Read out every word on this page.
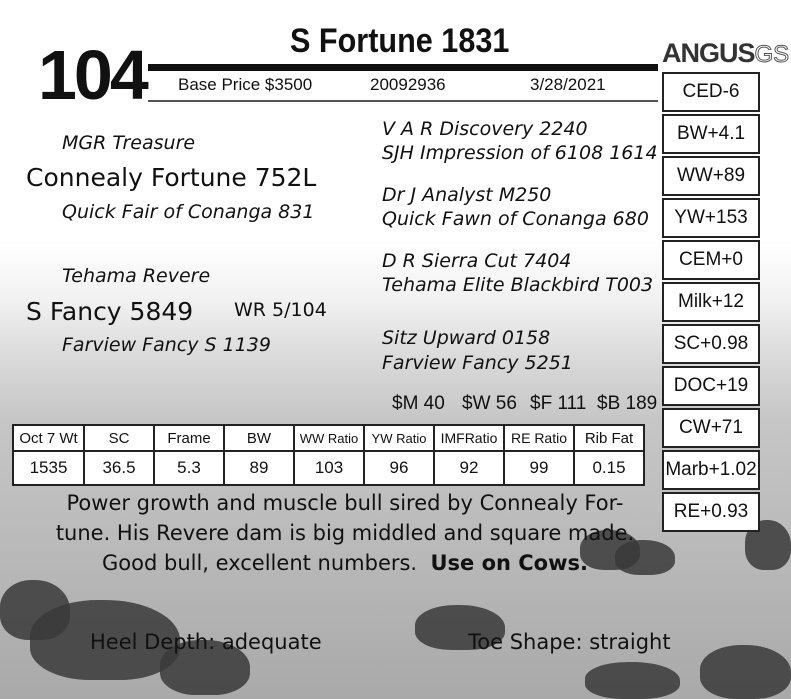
104	S Fortune 1831
Base Price $3500	20092936	3/28/2021
ANGUSGS
MGR Treasure
Connealy Fortune 752L
Quick Fair of Conanga 831
Tehama Revere
S Fancy 5849 WR 5/104
Farview Fancy S 1139
V A R Discovery 2240
SJH Impression of 6108 1614
Dr J Analyst M250
Quick Fawn of Conanga 680
D R Sierra Cut 7404
Tehama Elite Blackbird T003
Sitz Upward 0158
Farview Fancy 5251
CED-6
BW+4.1
WW+89
YW+153
CEM+0
Milk+12
SC+0.98
DOC+19
CW+71
Marb+1.02
RE+0.93
$M 40 $W 56 $F 111 $B 189
Oct 7 Wt	SC	Frame	BW	WW Ratio	YW Ratio	IMFRatio	RE Ratio	Rib Fat
1535	36.5	5.3	89	103	96	92	99	0.15
Power growth and muscle bull sired by Connealy For-
tune. His Revere dam is big middled and square made.
Good bull, excellent numbers. Use on Cows.
Heel Depth: adequate	Toe Shape: straight
